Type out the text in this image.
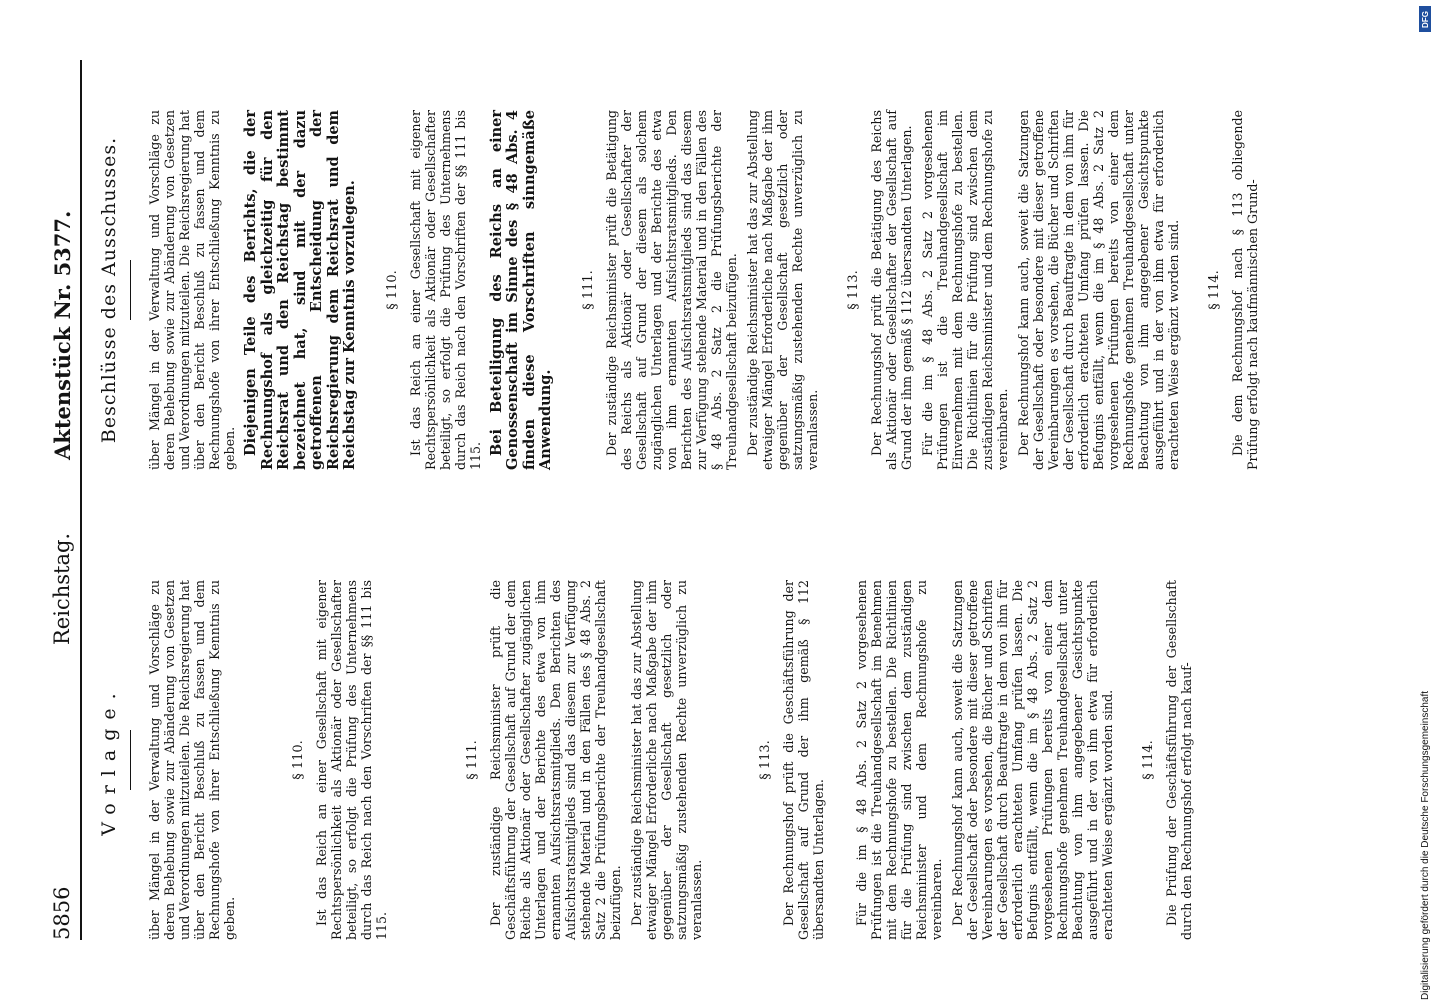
5856
Reichstag.
Aktenstück Nr. 5377.
Vorlage. über Mängel in der Verwaltung und Vorschläge zu deren Behebung sowie zur Abänderung von Gesetzen und Verordnungen mitzuteilen. Die Reichsregierung hat über den Bericht Beschluß zu fassen und dem Rechnungshofe von ihrer Entschließung Kenntnis zu geben.

§ 110. Ist das Reich an einer Gesellschaft mit eigener Rechtspersönlichkeit als Aktionär oder Gesellschafter beteiligt, so erfolgt die Prüfung des Unternehmens durch das Reich nach den Vorschriften der §§ 111 bis 115.

§ 111. Der zuständige Reichsminister prüft die Geschäftsführung der Gesellschaft auf Grund der dem Reiche als Aktionär oder Gesellschafter zugänglichen Unterlagen und der Berichte des etwa von ihm ernannten Aufsichtsratsmitglieds. Den Berichten des Aufsichtsratsmitglieds sind das diesem zur Verfügung stehende Material und in den Fällen des § 48 Abs. 2 Satz 2 die Prüfungsberichte der Treuhandgesellschaft beizufügen. Der zuständige Reichsminister hat das zur Abstellung etwaiger Mängel Erforderliche nach Maßgabe der ihm gegenüber der Gesellschaft gesetzlich oder satzungsmäßig zustehenden Rechte unverzüglich zu veranlassen.

§ 113. Der Rechnungshof prüft die Geschäftsführung der Gesellschaft auf Grund der ihm gemäß § 112 übersandten Unterlagen. Für die im § 48 Abs. 2 Satz 2 vorgesehenen Prüfungen ist die Treuhandgesellschaft im Benehmen mit dem Rechnungshofe zu bestellen. Die Richtlinien für die Prüfung sind zwischen dem zuständigen Reichsminister und dem Rechnungshofe zu vereinbaren. Der Rechnungshof kann auch, soweit die Satzungen der Gesellschaft oder besondere mit dieser getroffene Vereinbarungen es vorsehen, die Bücher und Schriften der Gesellschaft durch Beauftragte in dem von ihm für erforderlich erachteten Umfang prüfen lassen. Die Befugnis entfällt, wenn die im § 48 Abs. 2 Satz 2 vorgesehenen Prüfungen bereits von einer dem Rechnungshofe genehmen Treuhandgesellschaft unter Beachtung von ihm angegebener Gesichtspunkte ausgeführt und in der von ihm etwa für erforderlich erachteten Weise ergänzt worden sind. § 114. Die Prüfung der Geschäftsführung der Gesellschaft durch den Rechnungshof erfolgt nach kauf-

Beschlüsse des Ausschusses. über Mängel in der Verwaltung und Vorschläge zu deren Behebung sowie zur Abänderung von Gesetzen und Verordnungen mitzuteilen. Die Reichsregierung hat über den Bericht Beschluß zu fassen und dem Rechnungshofe von ihrer Entschließung Kenntnis zu geben. Diejenigen Teile des Berichts, die der Rechnungshof als gleichzeitig für den Reichsrat und den Reichstag bestimmt bezeichnet hat, sind mit der dazu getroffenen Entscheidung der Reichsregierung dem Reichsrat und dem Reichstag zur Kenntnis vorzulegen. § 110. Ist das Reich an einer Gesellschaft mit eigener Rechtspersönlichkeit als Aktionär oder Gesellschafter beteiligt, so erfolgt die Prüfung des Unternehmens durch das Reich nach den Vorschriften der §§ 111 bis 115. Bei Beteiligung des Reichs an einer Genossenschaft im Sinne des § 48 Abs. 4 finden diese Vorschriften sinngemäße Anwendung.

§ 111. Der zuständige Reichsminister prüft die Betätigung des Reichs als Aktionär oder Gesellschafter der Gesellschaft auf Grund der diesem als solchem zugänglichen Unterlagen und der Berichte des etwa von ihm ernannten Aufsichtsratsmitglieds. Den Berichten des Aufsichtsratsmitglieds sind das diesem zur Verfügung stehende Material und in den Fällen des § 48 Abs. 2 Satz 2 die Prüfungsberichte der Treuhandgesellschaft beizufügen. Der zuständige Reichsminister hat das zur Abstellung etwaiger Mängel Erforderliche nach Maßgabe der ihm gegenüber der Gesellschaft gesetzlich oder satzungsmäßig zustehenden Rechte unverzüglich zu veranlassen.

§ 113. Der Rechnungshof prüft die Betätigung des Reichs als Aktionär oder Gesellschafter der Gesellschaft auf Grund der ihm gemäß § 112 übersandten Unterlagen. Für die im § 48 Abs. 2 Satz 2 vorgesehenen Prüfungen ist die Treuhandgesellschaft im Einvernehmen mit dem Rechnungshofe zu bestellen. Die Richtlinien für die Prüfung sind zwischen dem zuständigen Reichsminister und dem Rechnungshofe zu vereinbaren. Der Rechnungshof kann auch, soweit die Satzungen der Gesellschaft oder besondere mit dieser getroffene Vereinbarungen es vorsehen, die Bücher und Schriften der Gesellschaft durch Beauftragte in dem von ihm für erforderlich erachteten Umfang prüfen lassen. Die Befugnis entfällt, wenn die im § 48 Abs. 2 Satz 2 vorgesehenen Prüfungen bereits von einer dem Rechnungshofe genehmen Treuhandgesellschaft unter Beachtung von ihm angegebener Gesichtspunkte ausgeführt und in der von ihm etwa für erforderlich erachteten Weise ergänzt worden sind. § 114. Die dem Rechnungshof nach § 113 obliegende Prüfung erfolgt nach kaufmännischen Grund-

DFG
Digitalisierung gefördert durch die Deutsche Forschungsgemeinschaft
